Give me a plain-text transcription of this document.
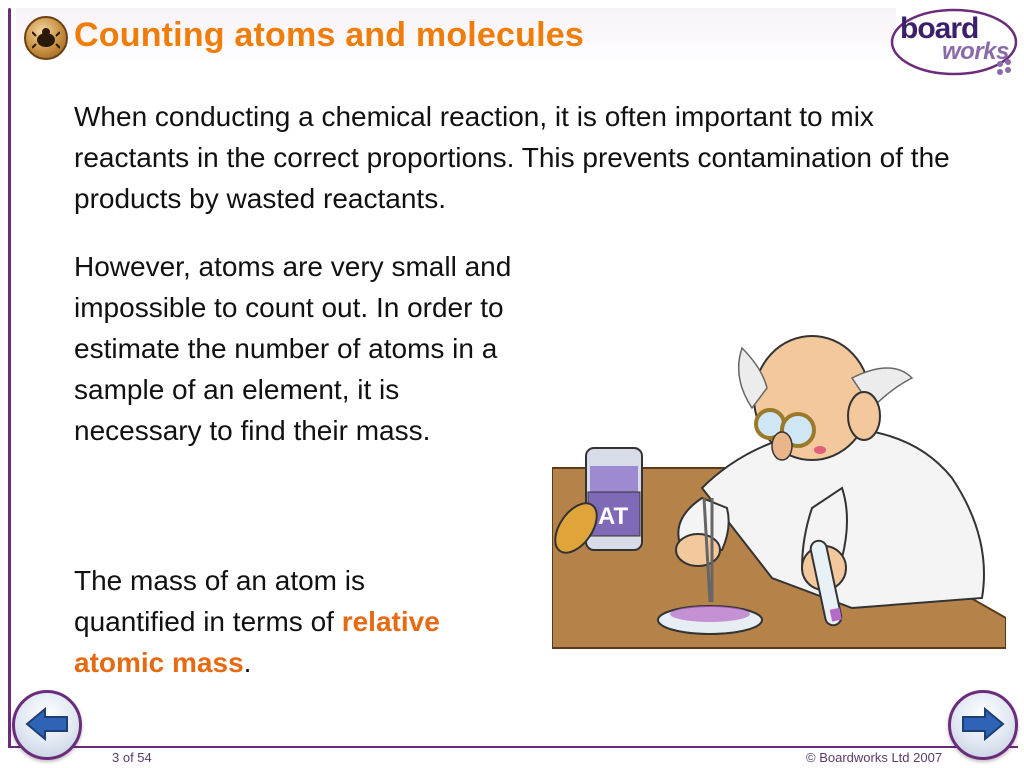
Counting atoms and molecules	board
works
When conducting a chemical reaction, it is often important to mix reactants in the correct proportions. This prevents contamination of the products by wasted reactants.
However, atoms are very small and impossible to count out. In order to estimate the number of atoms in a sample of an element, it is necessary to find their mass.
The mass of an atom is quantified in terms of relative atomic mass.
AT
3 of 54	© Boardworks Ltd 2007
